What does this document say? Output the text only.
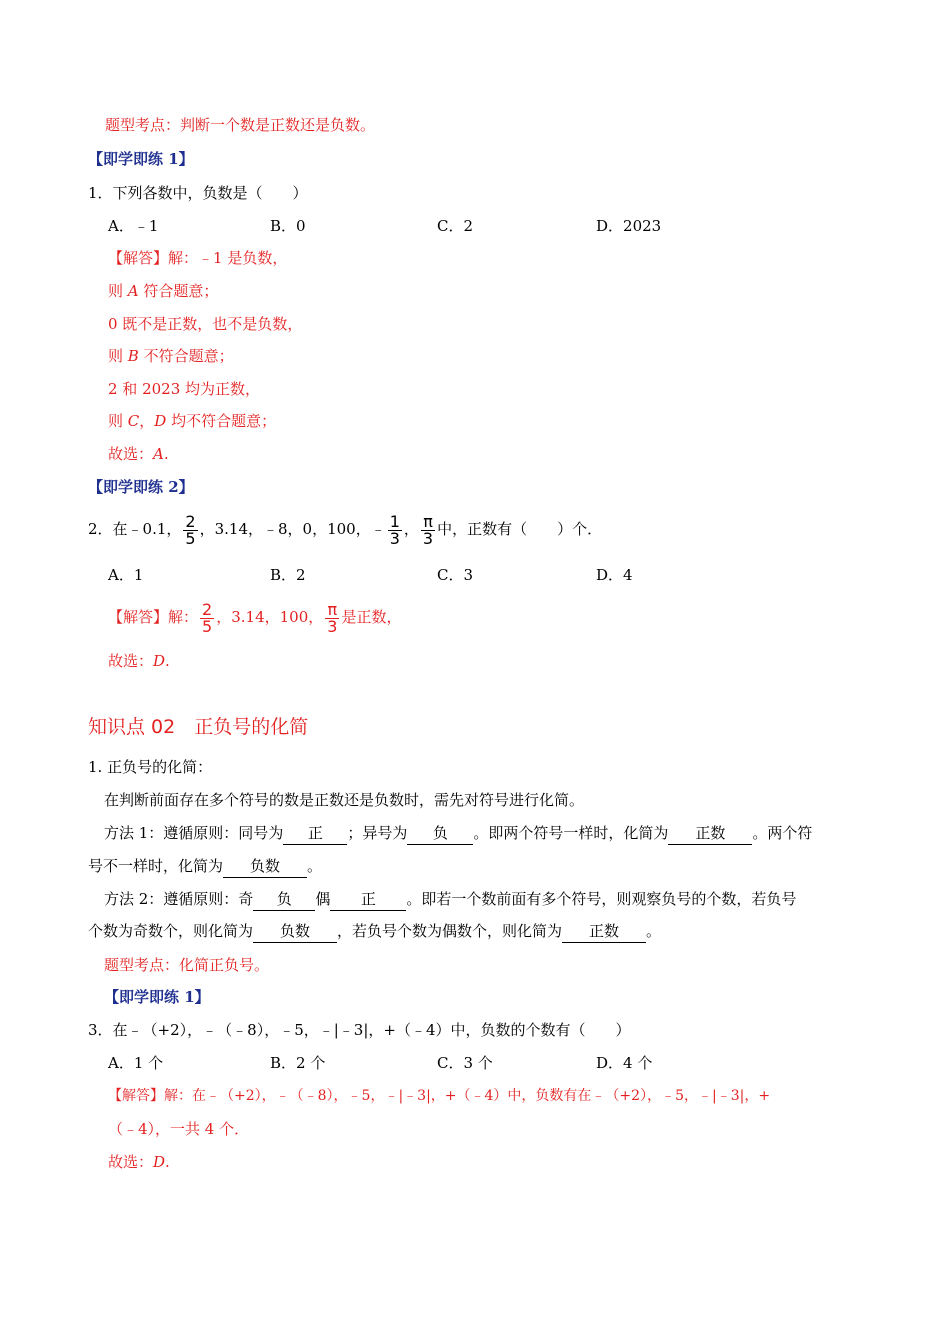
题型考点：判断一个数是正数还是负数。
【即学即练 1】
1．下列各数中，负数是（　　）
A．﹣1	B．0	C．2	D．2023
【解答】解：﹣1 是负数，
则 A 符合题意；
0 既不是正数，也不是负数，
则 B 不符合题意；
2 和 2023 均为正数，
则 C，D 均不符合题意；
故选：A.
【即学即练 2】
2．在﹣0.1， $\frac{2}{5}$ ，3.14，﹣8，0，100，﹣ $\frac{1}{3}$ ， $\frac{\pi}{3}$ 中，正数有（　　）个．
A．1	B．2	C．3	D．4
【解答】解： $\frac{2}{5}$ ，3.14，100， $\frac{\pi}{3}$ 是正数，
故选：D.
知识点 02　正负号的化简
1. 正负号的化简：
在判断前面存在多个符号的数是正数还是负数时，需先对符号进行化简。
方法 1：遵循原则：同号为 正 ；异号为 负 。即两个符号一样时，化简为 正数 。两个符
号不一样时，化简为 负数 。
方法 2：遵循原则：奇 负 偶 正 。即若一个数前面有多个符号，则观察负号的个数，若负号
个数为奇数个，则化简为 负数 ，若负号个数为偶数个，则化简为 正数 。
题型考点：化简正负号。
【即学即练 1】
3．在﹣（+2），﹣（﹣8），﹣5，﹣|﹣3|，+（﹣4）中，负数的个数有（　　）
A．1 个	B．2 个	C．3 个	D．4 个
【解答】解：在﹣（+2），﹣（﹣8），﹣5，﹣|﹣3|，+（﹣4）中，负数有在﹣（+2），﹣5，﹣|﹣3|，+
（﹣4），一共 4 个．
故选：D.
